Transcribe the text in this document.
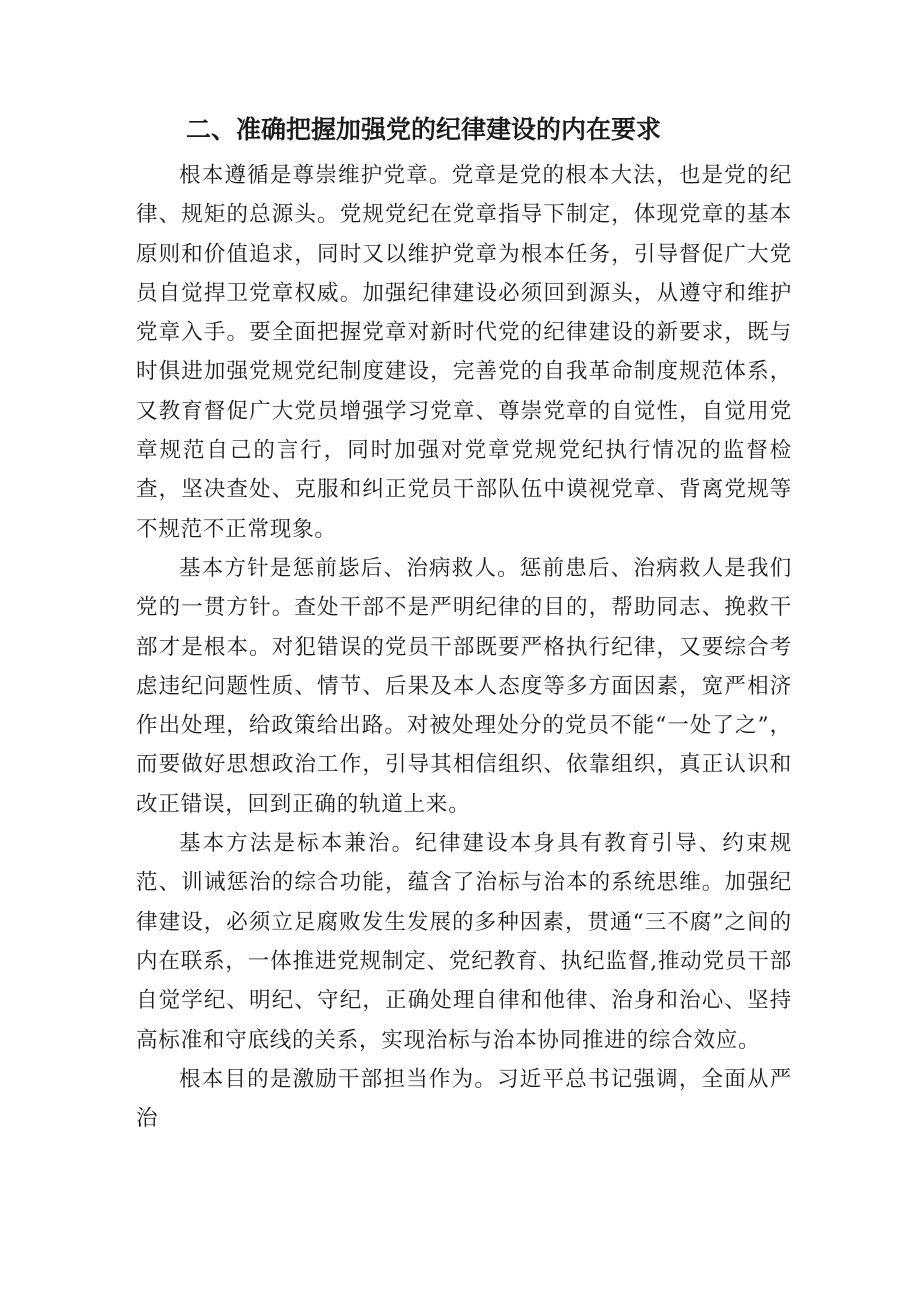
二、准确把握加强党的纪律建设的内在要求

根本遵循是尊崇维护党章。党章是党的根本大法，也是党的纪律、规矩的总源头。党规党纪在党章指导下制定，体现党章的基本原则和价值追求，同时又以维护党章为根本任务，引导督促广大党员自觉捍卫党章权威。加强纪律建设必须回到源头，从遵守和维护党章入手。要全面把握党章对新时代党的纪律建设的新要求，既与时俱进加强党规党纪制度建设，完善党的自我革命制度规范体系，又教育督促广大党员增强学习党章、尊崇党章的自觉性，自觉用党章规范自己的言行，同时加强对党章党规党纪执行情况的监督检查，坚决查处、克服和纠正党员干部队伍中谟视党章、背离党规等不规范不正常现象。

基本方针是惩前毖后、治病救人。惩前患后、治病救人是我们党的一贯方针。查处干部不是严明纪律的目的，帮助同志、挽救干部才是根本。对犯错误的党员干部既要严格执行纪律，又要综合考虑违纪问题性质、情节、后果及本人态度等多方面因素，宽严相济作出处理，给政策给出路。对被处理处分的党员不能“一处了之”，而要做好思想政治工作，引导其相信组织、依靠组织，真正认识和改正错误，回到正确的轨道上来。

基本方法是标本兼治。纪律建设本身具有教育引导、约束规范、训诫惩治的综合功能，蕴含了治标与治本的系统思维。加强纪律建设，必须立足腐败发生发展的多种因素，贯通“三不腐”之间的内在联系，一体推进党规制定、党纪教育、执纪监督,推动党员干部自觉学纪、明纪、守纪，正确处理自律和他律、治身和治心、坚持高标准和守底线的关系，实现治标与治本协同推进的综合效应。

根本目的是激励干部担当作为。习近平总书记强调，全面从严治
